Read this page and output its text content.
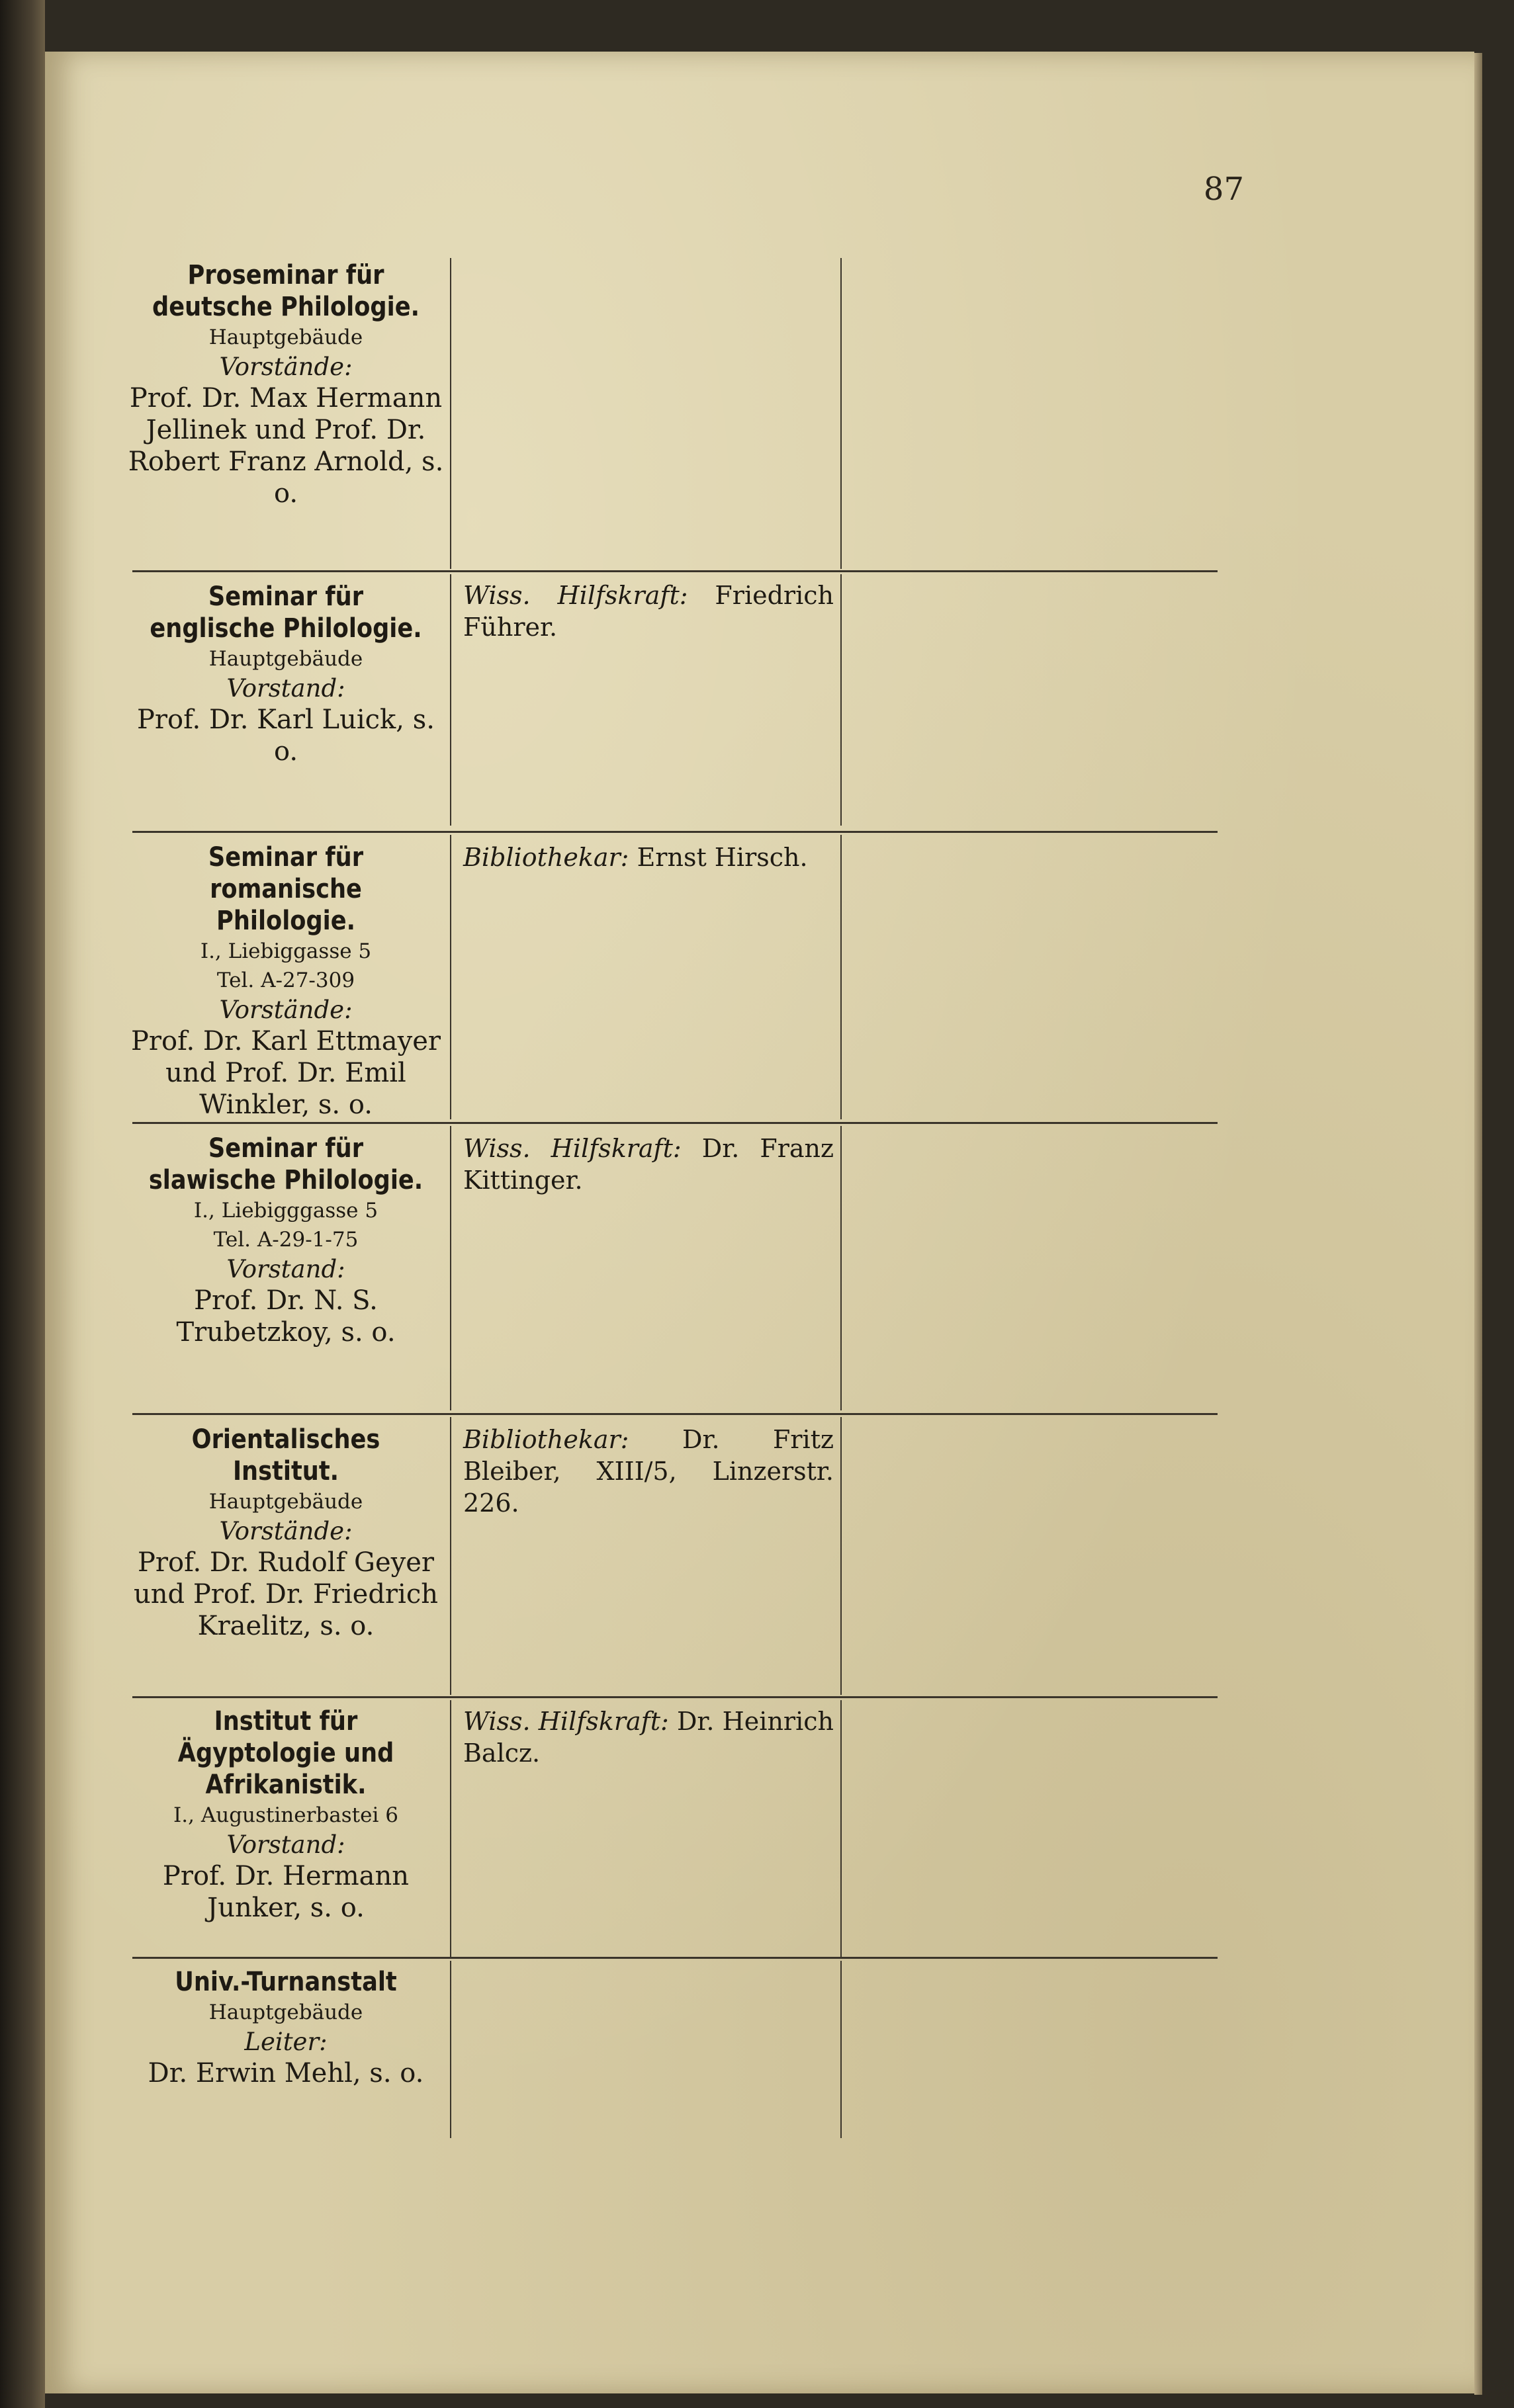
87
Proseminar für deutsche Philologie.
Hauptgebäude
Vorstände:
Prof. Dr. Max Hermann Jellinek und Prof. Dr. Robert Franz Arnold, s. o.
Seminar für englische Philologie.
Hauptgebäude
Vorstand:
Prof. Dr. Karl Luick, s. o.
Wiss. Hilfskraft: Friedrich Führer.
Seminar für romanische Philologie.
I., Liebiggasse 5
Tel. A-27-309
Vorstände:
Prof. Dr. Karl Ettmayer und Prof. Dr. Emil Winkler, s. o.
Bibliothekar: Ernst Hirsch.
Seminar für slawische Philologie.
I., Liebigggasse 5
Tel. A-29-1-75
Vorstand:
Prof. Dr. N. S. Trubetzkoy, s. o.
Wiss. Hilfskraft: Dr. Franz Kittinger.
Orientalisches Institut.
Hauptgebäude
Vorstände:
Prof. Dr. Rudolf Geyer und Prof. Dr. Friedrich Kraelitz, s. o.
Bibliothekar: Dr. Fritz Bleiber, XIII/5, Linzerstr. 226.
Institut für Ägyptologie und Afrikanistik.
I., Augustinerbastei 6
Vorstand:
Prof. Dr. Hermann Junker, s. o.
Wiss. Hilfskraft: Dr. Heinrich Balcz.
Univ.-Turnanstalt
Hauptgebäude
Leiter:
Dr. Erwin Mehl, s. o.
